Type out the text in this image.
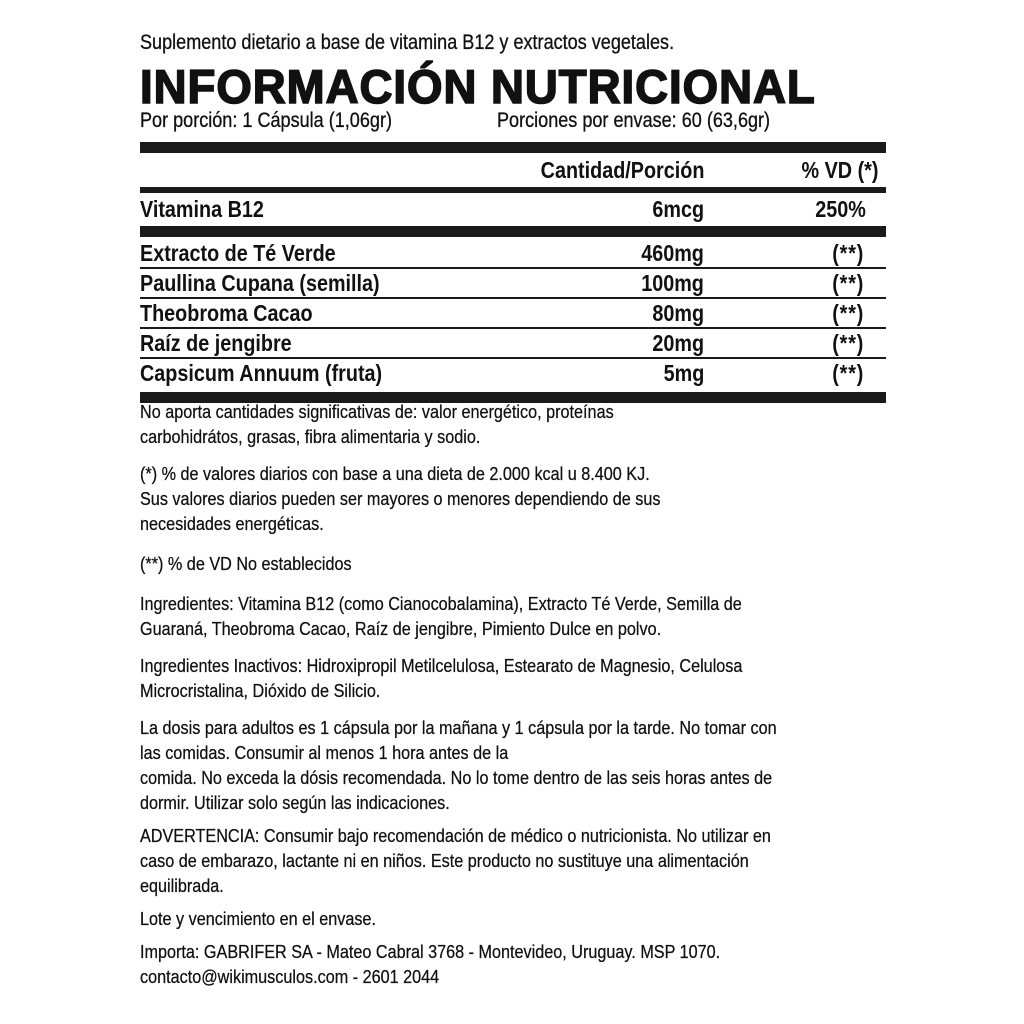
Suplemento dietario a base de vitamina B12 y extractos vegetales.
INFORMACIÓN NUTRICIONAL
Por porción: 1 Cápsula (1,06gr)	Porciones por envase: 60 (63,6gr)
Cantidad/Porción	% VD (*)
Vitamina B12	6mcg	250%
Extracto de Té Verde	460mg	(**)
Paullina Cupana (semilla)	100mg	(**)
Theobroma Cacao	80mg	(**)
Raíz de jengibre	20mg	(**)
Capsicum Annuum (fruta)	5mg	(**)
No aporta cantidades significativas de: valor energético, proteínas
carbohidrátos, grasas, fibra alimentaria y sodio.
(*) % de valores diarios con base a una dieta de 2.000 kcal u 8.400 KJ.
Sus valores diarios pueden ser mayores o menores dependiendo de sus
necesidades energéticas.
(**) % de VD No establecidos
Ingredientes: Vitamina B12 (como Cianocobalamina), Extracto Té Verde, Semilla de
Guaraná, Theobroma Cacao, Raíz de jengibre, Pimiento Dulce en polvo.
Ingredientes Inactivos: Hidroxipropil Metilcelulosa, Estearato de Magnesio, Celulosa
Microcristalina, Dióxido de Silicio.
La dosis para adultos es 1 cápsula por la mañana y 1 cápsula por la tarde. No tomar con
las comidas. Consumir al menos 1 hora antes de la
comida. No exceda la dósis recomendada. No lo tome dentro de las seis horas antes de
dormir. Utilizar solo según las indicaciones.
ADVERTENCIA: Consumir bajo recomendación de médico o nutricionista. No utilizar en
caso de embarazo, lactante ni en niños. Este producto no sustituye una alimentación
equilibrada.
Lote y vencimiento en el envase.
Importa: GABRIFER SA - Mateo Cabral 3768 - Montevideo, Uruguay. MSP 1070.
contacto@wikimusculos.com - 2601 2044
